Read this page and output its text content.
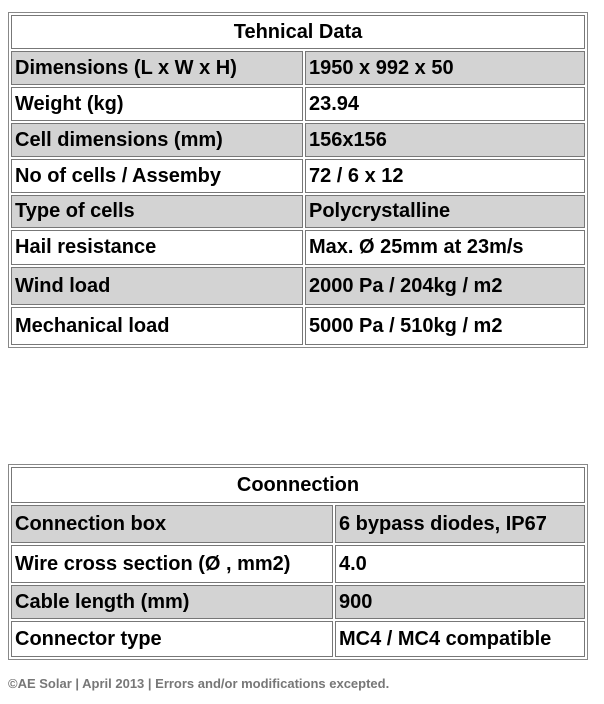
Tehnical Data	
Dimensions (L x W x H)	1950 x 992 x 50
Weight (kg)	23.94
Cell dimensions (mm)	156x156
No of cells / Assemby	72 / 6 x 12
Type of cells	Polycrystalline
Hail resistance	Max. Ø 25mm at 23m/s
Wind load	2000 Pa / 204kg / m2
Mechanical load	5000 Pa / 510kg / m2
Coonnection	
Connection box	6 bypass diodes, IP67
Wire cross section (Ø , mm2)	4.0
Cable length (mm)	900
Connector type	MC4 / MC4 compatible
©AE Solar | April 2013 | Errors and/or modifications excepted.
